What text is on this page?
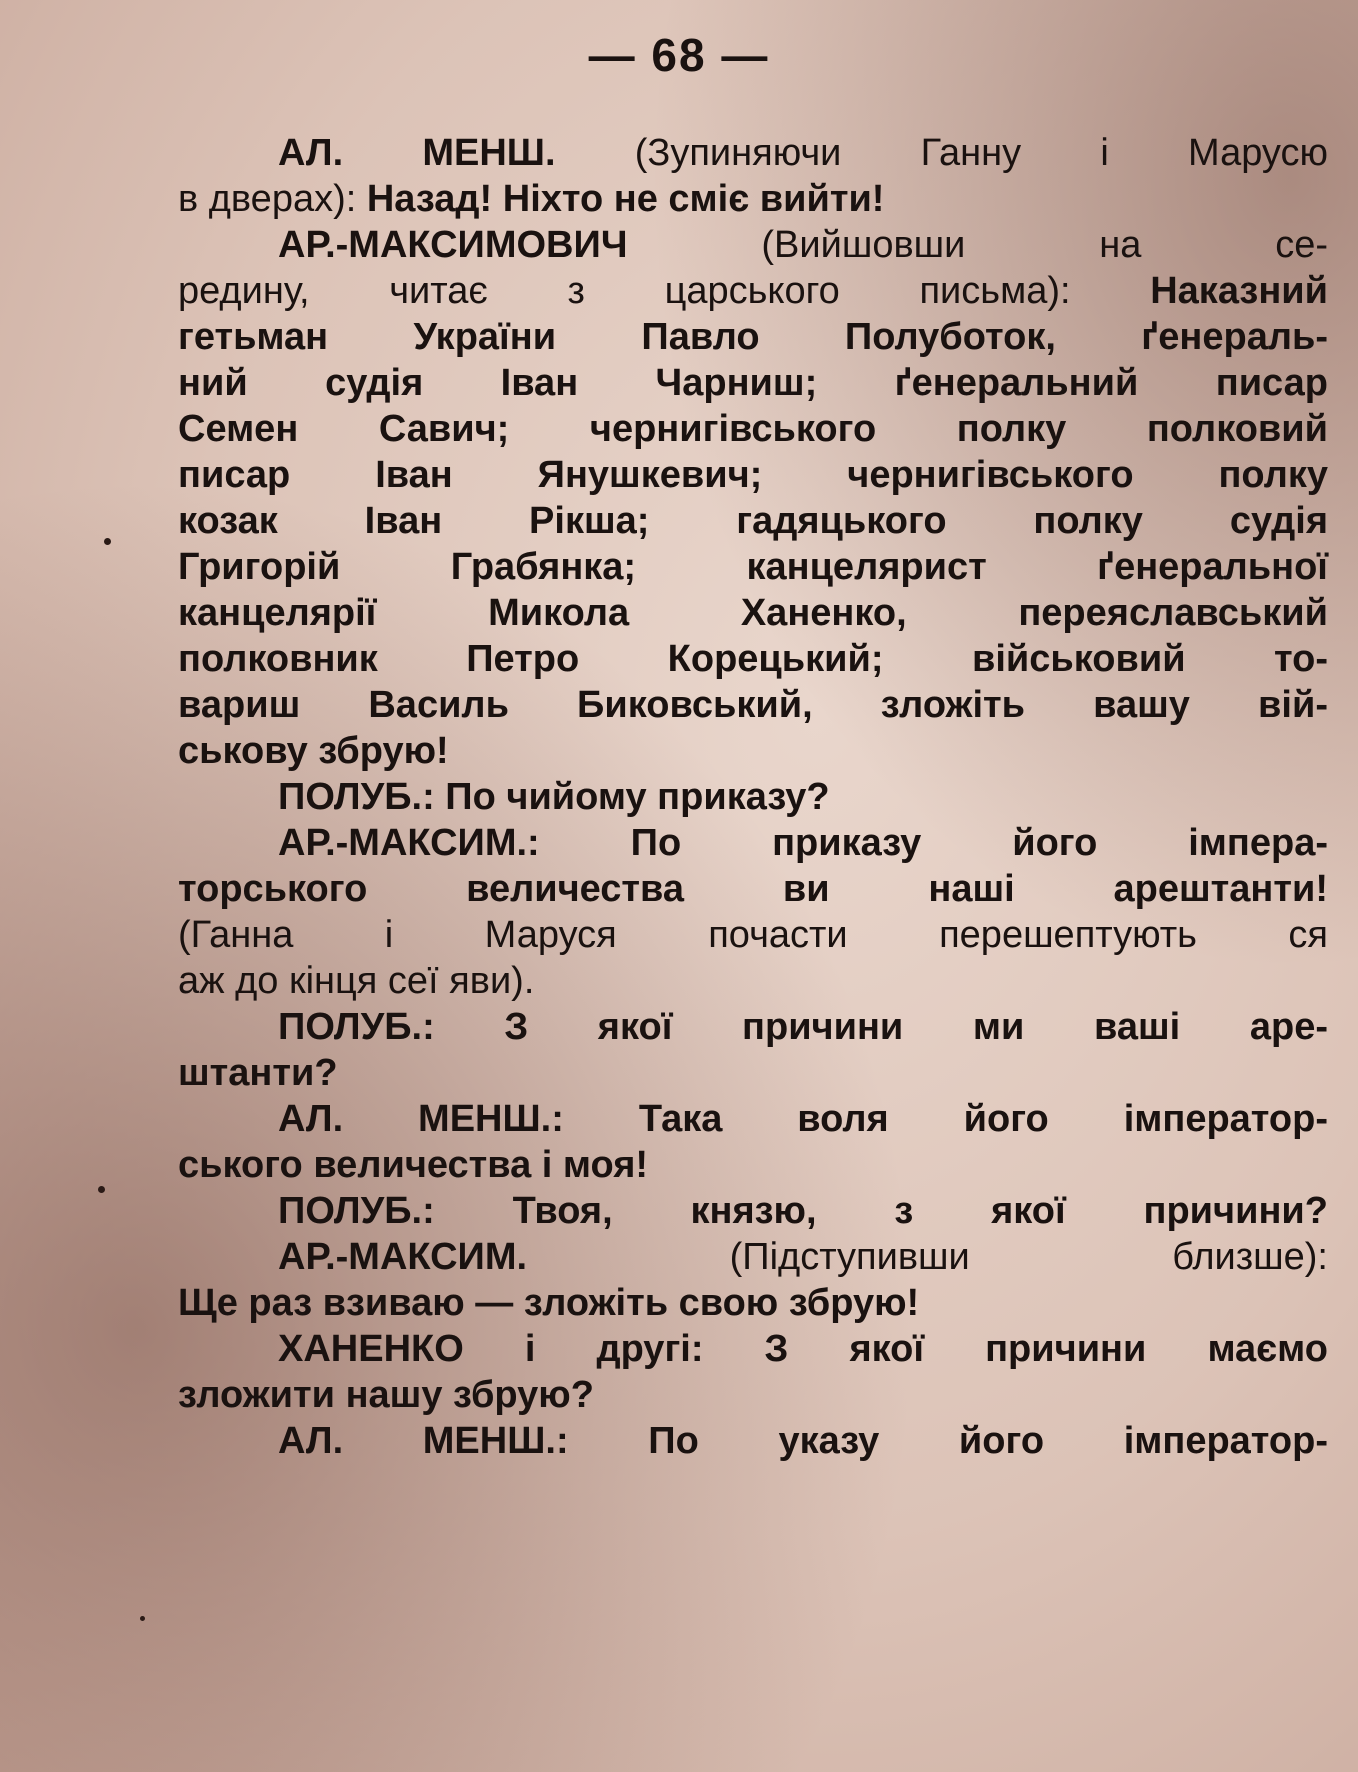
— 68 —
АЛ. МЕНШ. (Зупиняючи Ганну і Марусю
в дверах): Назад! Ніхто не сміє вийти!
АР.-МАКСИМОВИЧ (Вийшовши на се-
редину, читає з царського письма): Наказний
гетьман України Павло Полуботок, ґенераль-
ний судія Іван Чарниш; ґенеральний писар
Семен Савич; чернигівського полку полковий
писар Іван Янушкевич; чернигівського полку
козак Іван Рікша; гадяцького полку судія
Григорій Грабянка; канцелярист ґенеральної
канцелярії Микола Ханенко, переяславський
полковник Петро Корецький; військовий то-
вариш Василь Биковський, зложіть вашу вій-
ськову збрую!
ПОЛУБ.: По чийому приказу?
АР.-МАКСИМ.: По приказу його імпера-
торського величества ви наші арештанти!
(Ганна і Маруся почасти перешептують ся
аж до кінця сеї яви).
ПОЛУБ.: З якої причини ми ваші аре-
штанти?
АЛ. МЕНШ.: Така воля його імператор-
ського величества і моя!
ПОЛУБ.: Твоя, князю, з якої причини?
АР.-МАКСИМ. (Підступивши близше):
Ще раз взиваю — зложіть свою збрую!
ХАНЕНКО і другі: З якої причини маємо
зложити нашу збрую?
АЛ. МЕНШ.: По указу його імператор-
